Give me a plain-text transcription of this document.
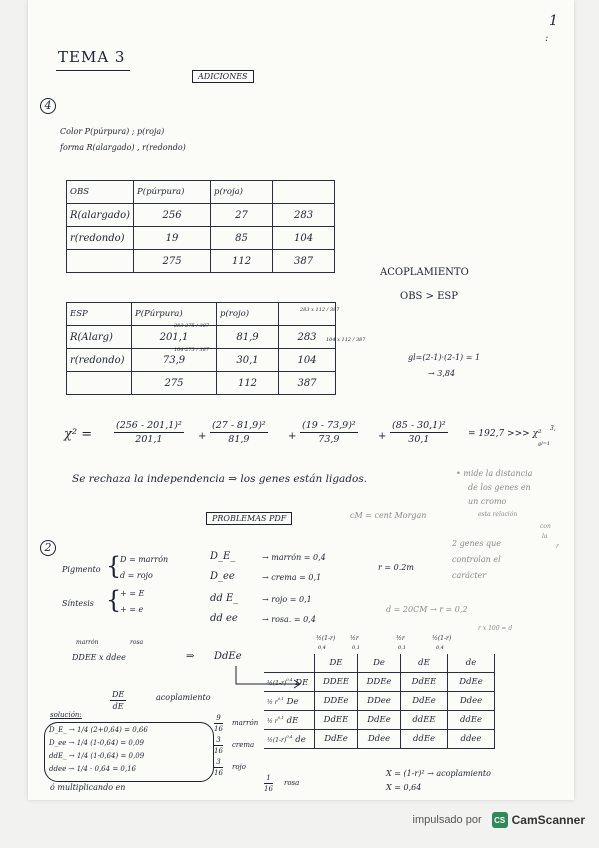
1
:
TEMA 3
ADICIONES
4
Color P(púrpura) ; p(roja)
forma R(alargado) , r(redondo)
OBS	P(púrpura)	p(roja)	
R(alargado)	256	27	283
r(redondo)	19	85	104
	275	112	387
ESP	P(Púrpura)	p(rojo)	
R(Alarg)	201,1	81,9	283
r(redondo)	73,9	30,1	104
	275	112	387
283·275 / 387
104·275 / 387
283 x 112 / 387
104 x 112 / 387
ACOPLAMIENTO
OBS > ESP
gl=(2-1)·(2-1) = 1
→ 3,84
$\chi^2 = \frac{\text{(256 - 201,1)²}}{201,1} + \frac{\text{(27 - 81,9)²}}{81,9} + \frac{\text{(19 - 73,9)²}}{73,9} + \frac{\text{(85 - 30,1)²}}{30,1} = 192,7$ >>> χ²
3,
gl=1
Se rechaza la independencia ⇒ los genes están ligados.
PROBLEMAS PDF
• mide la distancia
de los genes en
un cromo
cM = cent Morgan	esta relación
con
la
r
2 genes que
controlan el
carácter
2
Pigmento {
D = marrón
d = rojo
Síntesis {
+ = E
+ = e
D_E_	→ marrón = 0,4
D_ee	→ crema = 0,1
dd E_	→ rojo = 0,1
dd ee	→ rosa. = 0,4
r = 0.2m
d = 20CM → r = 0,2
r x 100 = d
marrón	rosa
DDEE x ddee	⇒ DdEe
½(1-r) ½r	½r	½(1-r)
0,4	0,1	0,1	0,4
	DE	De	dE	de
$\frac{1}{2}(1-r)^{0,4}$ DE	DDEE	DDEe	DdEE	DdEe
½ $r^{0,1}$ De	DDEe	DDee	DdEe	Ddee
½ $r^{0,1}$ dE	DdEE	DdEe	ddEE	ddEe
$\frac{1}{2}(1-r)^{0,4}$ de	DdEe	Ddee	ddEe	ddee
solución:
$\frac{DE}{dE}$	acoplamiento
D_E_ → 1/4 (2+0,64) = 0,66
D_ee → 1/4 (1-0,64) = 0,09
ddE_ → 1/4 (1-0,64) = 0,09
ddee → 1/4 · 0,64 = 0,16
ó multiplicando en
$\frac{9}{16}$ marrón
$\frac{3}{16}$ crema
$\frac{3}{16}$ rojo
$\frac{1}{16}$ rosa
X = (1-r)² → acoplamiento
X = 0,64
impulsado por	CS CamScanner
